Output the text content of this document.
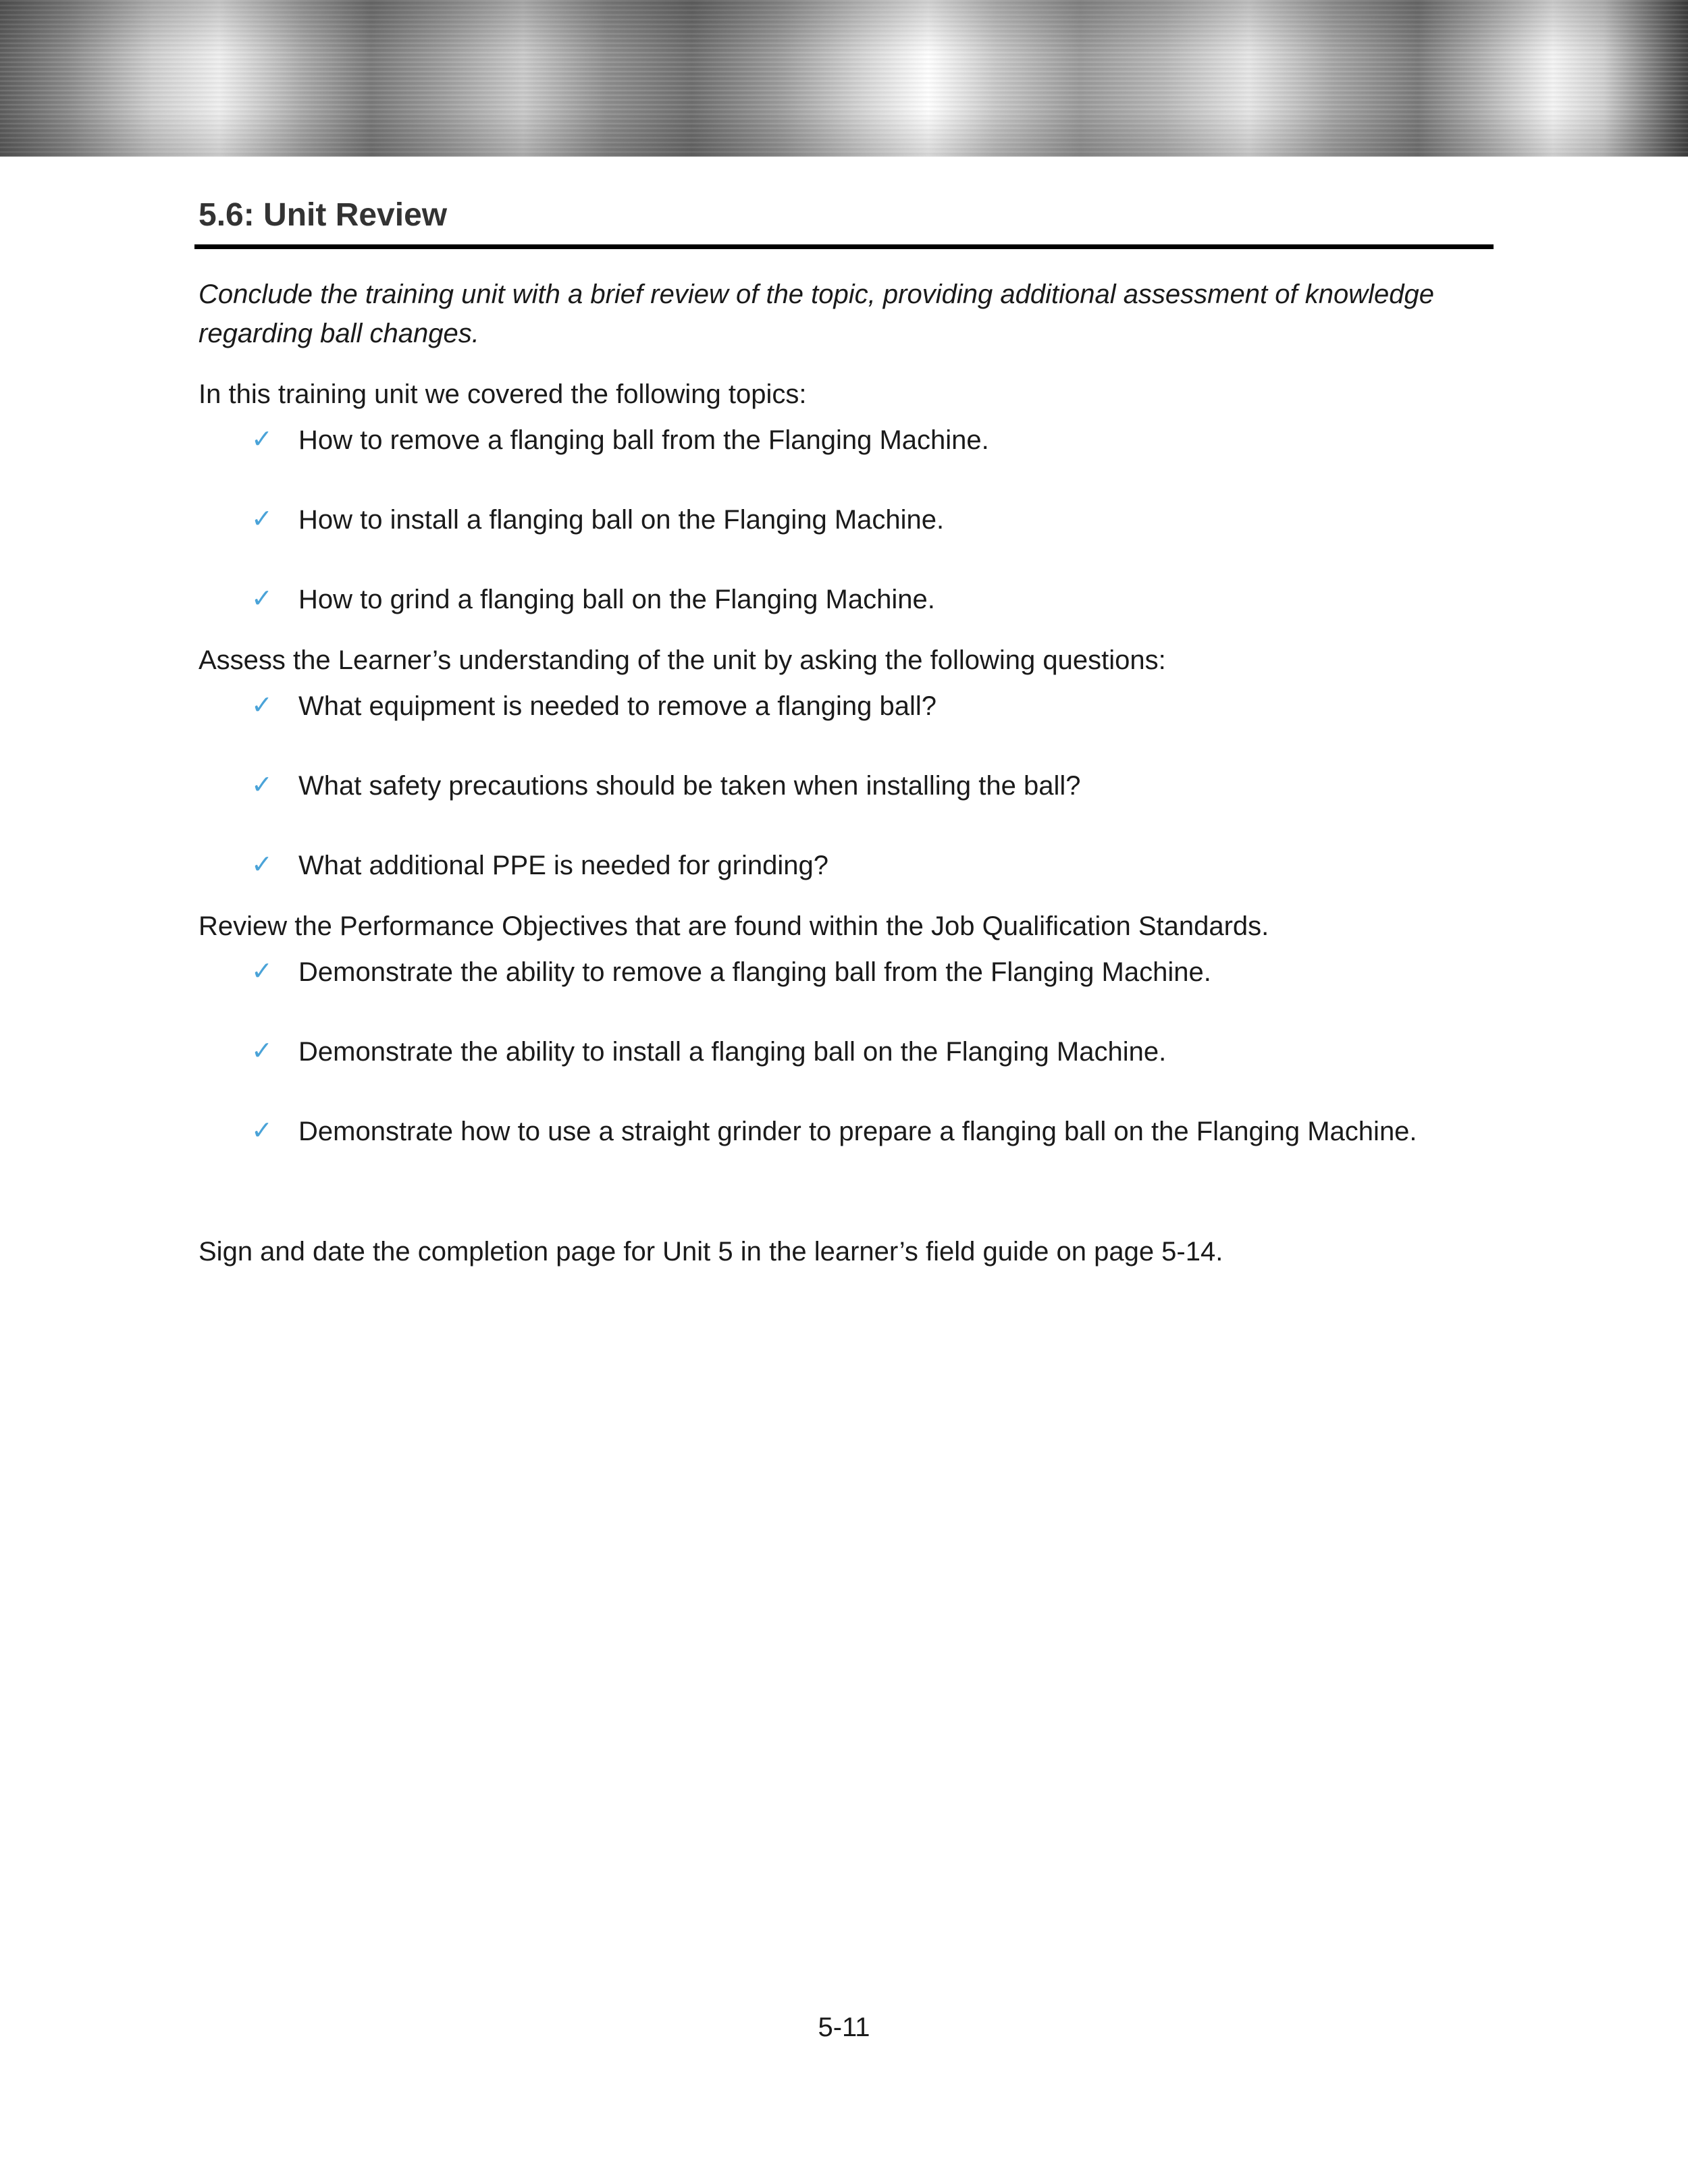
5.6: Unit Review

Conclude the training unit with a brief review of the topic, providing additional assessment of knowledge regarding ball changes.

In this training unit we covered the following topics:

✓ How to remove a flanging ball from the Flanging Machine.
✓ How to install a flanging ball on the Flanging Machine.
✓ How to grind a flanging ball on the Flanging Machine.

Assess the Learner’s understanding of the unit by asking the following questions:

✓ What equipment is needed to remove a flanging ball?
✓ What safety precautions should be taken when installing the ball?
✓ What additional PPE is needed for grinding?

Review the Performance Objectives that are found within the Job Qualification Standards.

✓ Demonstrate the ability to remove a flanging ball from the Flanging Machine.
✓ Demonstrate the ability to install a flanging ball on the Flanging Machine.
✓ Demonstrate how to use a straight grinder to prepare a flanging ball on the Flanging Machine.

Sign and date the completion page for Unit 5 in the learner’s field guide on page 5-14.

5-11
